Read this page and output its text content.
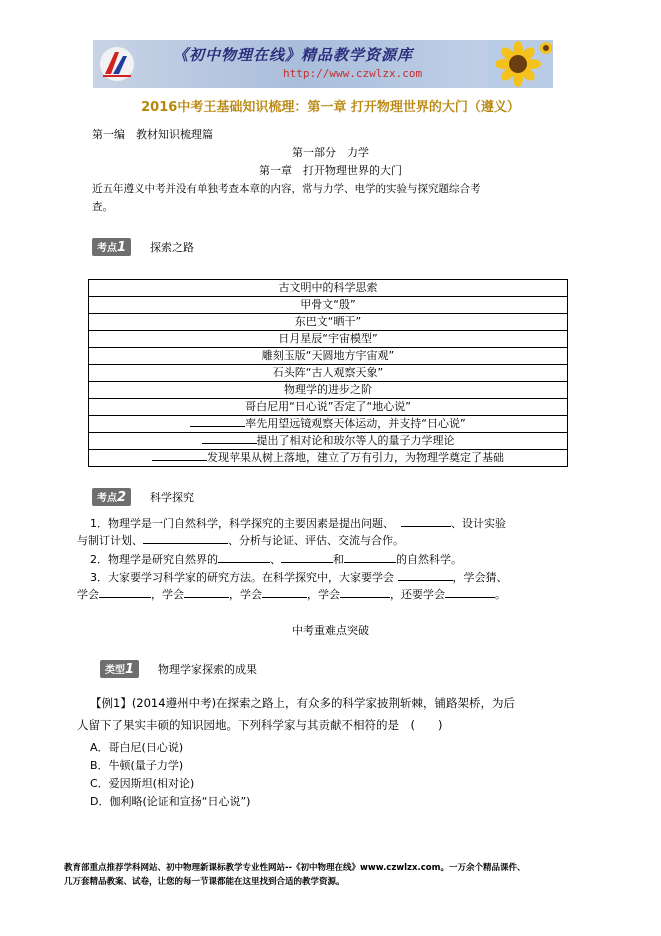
《初中物理在线》精品教学资源库
http://www.czwlzx.com
2016中考王基础知识梳理：第一章 打开物理世界的大门（遵义）
第一编　教材知识梳理篇
第一部分　力学
第一章　打开物理世界的大门
近五年遵义中考并没有单独考查本章的内容，常与力学、电学的实验与探究题综合考
查。
考点1	探索之路
古文明中的科学思索
甲骨文“殷”
东巴文“晒干”
日月星辰“宇宙模型”
雕刻玉版“天圆地方宇宙观”
石头阵“古人观察天象”
物理学的进步之阶
哥白尼用“日心说”否定了“地心说”
率先用望远镜观察天体运动，并支持“日心说”
提出了相对论和玻尔等人的量子力学理论
发现苹果从树上落地，建立了万有引力，为物理学奠定了基础
考点2	科学探究
1．物理学是一门自然科学，科学探究的主要因素是提出问题、	、设计实验
与制订计划、	、分析与论证、评估、交流与合作。
2．物理学是研究自然界的	、	和	的自然科学。
3．大家要学习科学家的研究方法。在科学探究中，大家要学会	，学会猜、
学会	，学会	，学会	，学会	，还要学会	。
中考重难点突破
类型1	物理学家探索的成果
【例1】(2014遵州中考)在探索之路上，有众多的科学家披荆斩棘，铺路架桥，为后
人留下了果实丰硕的知识园地。下列科学家与其贡献不相符的是　(　　)
A．哥白尼(日心说)
B．牛顿(量子力学)
C．爱因斯坦(相对论)
D．伽利略(论证和宣扬“日心说”)
教育部重点推荐学科网站、初中物理新课标教学专业性网站--《初中物理在线》www.czwlzx.com。一万余个精品课件、
几万套精品教案、试卷，让您的每一节课都能在这里找到合适的教学资源。
